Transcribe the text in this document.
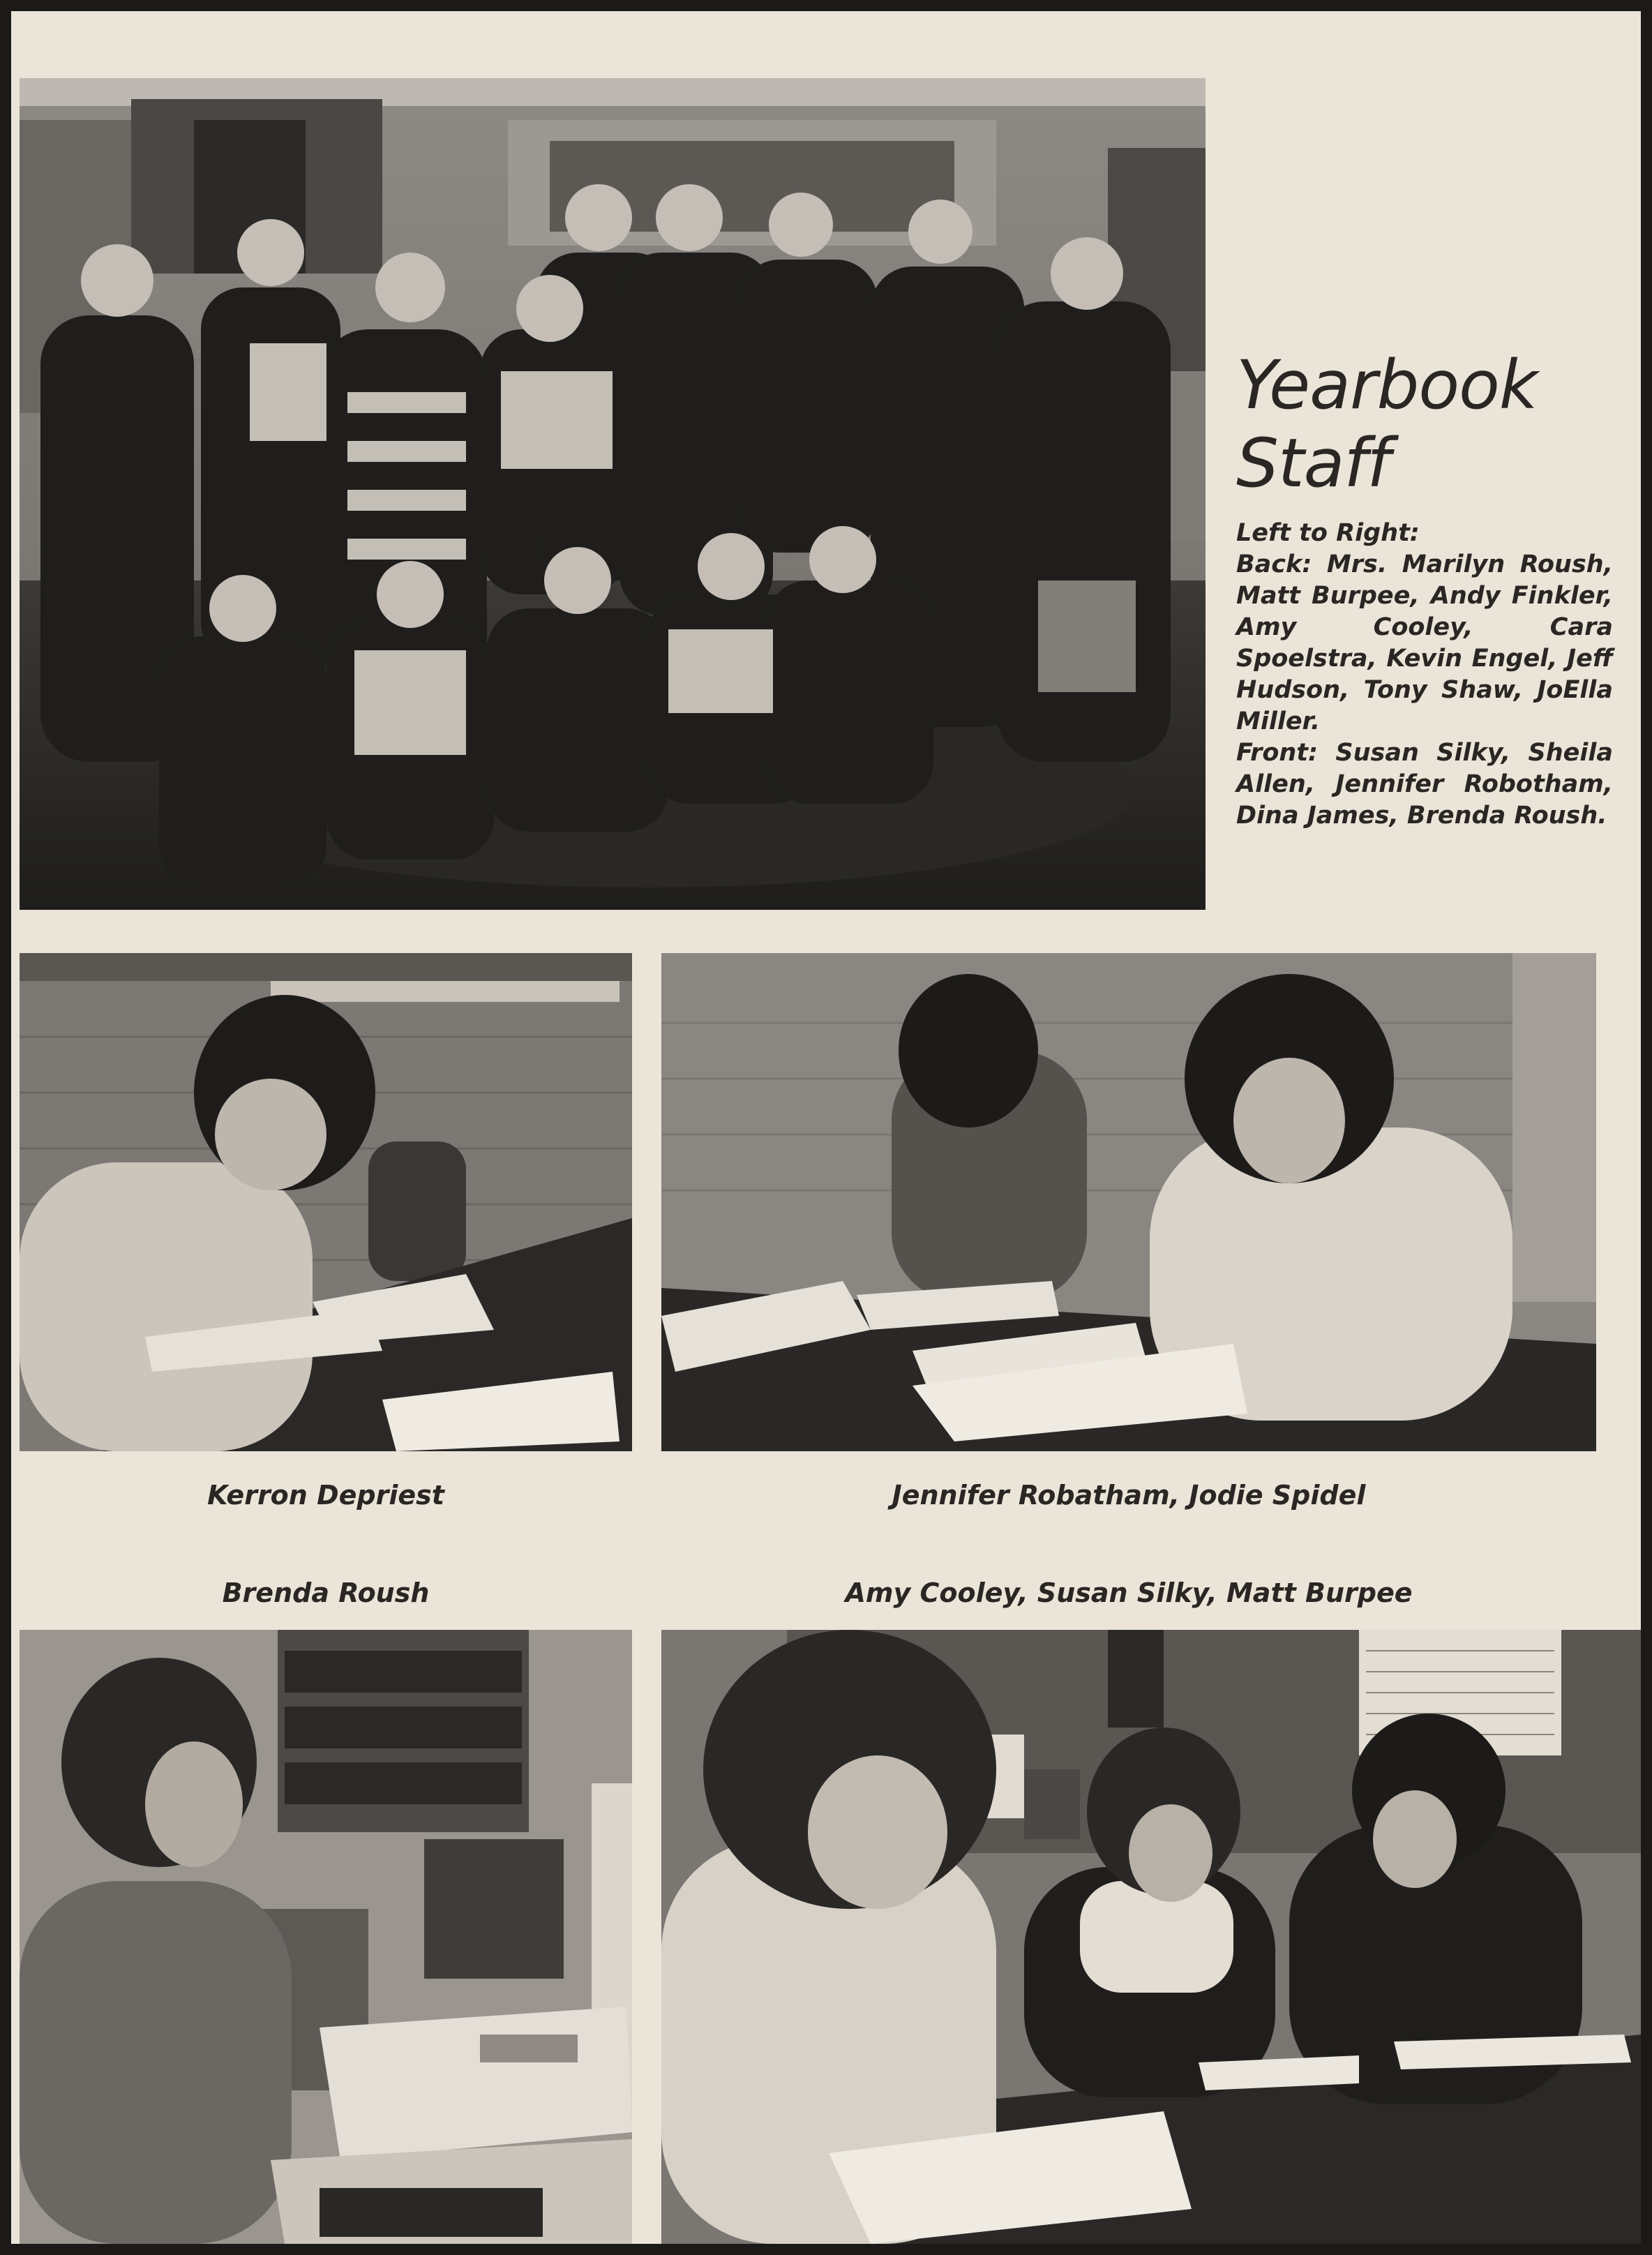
Yearbook
Staff

Left to Right:

Back: Mrs. Marilyn Roush, Matt Burpee, Andy Finkler, Amy Cooley, Cara Spoelstra, Kevin Engel, Jeff Hudson, Tony Shaw, JoElla Miller.

Front: Susan Silky, Sheila Allen, Jennifer Robotham, Dina James, Brenda Roush.

Kerron Depriest	Jennifer Robatham, Jodie Spidel
Brenda Roush	Amy Cooley, Susan Silky, Matt Burpee
